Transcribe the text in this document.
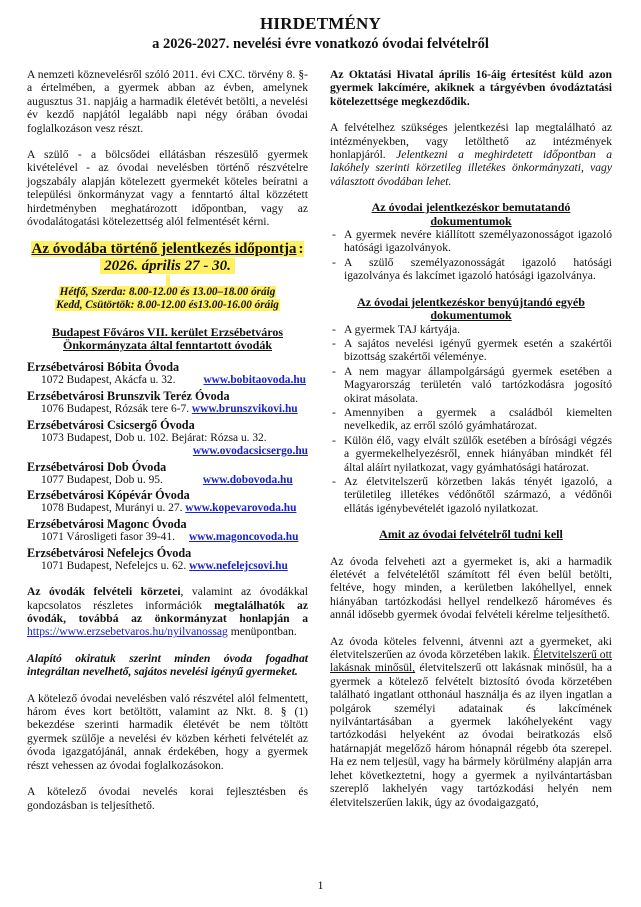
HIRDETMÉNY
a 2026-2027. nevelési évre vonatkozó óvodai felvételről

A nemzeti köznevelésről szóló 2011. évi CXC. törvény 8. §-a értelmében, a gyermek abban az évben, amelynek augusztus 31. napjáig a harmadik életévét betölti, a nevelési év kezdő napjától legalább napi négy órában óvodai foglalkozáson vesz részt.

A szülő - a bölcsődei ellátásban részesülő gyermek kivételével - az óvodai nevelésben történő részvételre jogszabály alapján kötelezett gyermekét köteles beíratni a települési önkormányzat vagy a fenntartó által közzétett hirdetményben meghatározott időpontban, vagy az óvodalátogatási kötelezettség alól felmentését kérni.

Az óvodába történő jelentkezés időpontja :
2026. április 27 - 30.
Hétfő, Szerda: 8.00-12.00 és 13.00–18.00 óráig
Kedd, Csütörtök: 8.00-12.00 és13.00-16.00 óráig
Budapest Főváros VII. kerület Erzsébetváros
Önkormányzata által fenntartott óvodák
Erzsébetvárosi Bóbita Óvoda
1072 Budapest, Akácfa u. 32. www.bobitaovoda.hu
Erzsébetvárosi Brunszvik Teréz Óvoda
1076 Budapest, Rózsák tere 6-7. www.brunszvikovi.hu
Erzsébetvárosi Csicsergő Óvoda
1073 Budapest, Dob u. 102. Bejárat: Rózsa u. 32.
www.ovodacsicsergo.hu
Erzsébetvárosi Dob Óvoda
1077 Budapest, Dob u. 95.	www.dobovoda.hu
Erzsébetvárosi Kópévár Óvoda
1078 Budapest, Murányi u. 27. www.kopevarovoda.hu
Erzsébetvárosi Magonc Óvoda
1071 Városligeti fasor 39-41. www.magoncovoda.hu
Erzsébetvárosi Nefelejcs Óvoda
1071 Budapest, Nefelejcs u. 62. www.nefelejcsovi.hu

Az óvodák felvételi körzetei, valamint az óvodákkal kapcsolatos részletes információk megtalálhatók az óvodák, továbbá az önkormányzat honlapján a https://www.erzsebetvaros.hu/nyilvanossag menüpontban.

Alapító okiratuk szerint minden óvoda fogadhat integráltan nevelhető, sajátos nevelési igényű gyermeket.

A kötelező óvodai nevelésben való részvétel alól felmentett, három éves kort betöltött, valamint az Nkt. 8. § (1) bekezdése szerinti harmadik életévét be nem töltött gyermek szülője a nevelési év közben kérheti felvételét az óvoda igazgatójánál, annak érdekében, hogy a gyermek részt vehessen az óvodai foglalkozásokon.

A kötelező óvodai nevelés korai fejlesztésben és gondozásban is teljesíthető.

Az Oktatási Hivatal április 16-áig értesítést küld azon gyermek lakcímére, akiknek a tárgyévben óvodáztatási kötelezettsége megkezdődik.

A felvételhez szükséges jelentkezési lap megtalálható az intézményekben, vagy letölthető az intézmények honlapjáról. Jelentkezni a meghirdetett időpontban a lakóhely szerinti körzetileg illetékes önkormányzati, vagy választott óvodában lehet.

Az óvodai jelentkezéskor bemutatandó dokumentumok
- A gyermek nevére kiállított személyazonosságot igazoló hatósági igazolványok.
- A szülő személyazonosságát igazoló hatósági igazolványa és lakcímet igazoló hatósági igazolványa.
Az óvodai jelentkezéskor benyújtandó egyéb
dokumentumok
- A gyermek TAJ kártyája.
- A sajátos nevelési igényű gyermek esetén a szakértői bizottság szakértői véleménye.
- A nem magyar állampolgárságú gyermek esetében a Magyarország területén való tartózkodásra jogosító okirat másolata.
- Amennyiben a gyermek a családból kiemelten nevelkedik, az erről szóló gyámhatározat.
- Külön élő, vagy elvált szülők esetében a bírósági végzés a gyermekelhelyezésről, ennek hiányában mindkét fél által aláírt nyilatkozat, vagy gyámhatósági határozat.
- Az életvitelszerű körzetben lakás tényét igazoló, a területileg illetékes védőnőtől származó, a védőnői ellátás igénybevételét igazoló nyilatkozat.
Amit az óvodai felvételről tudni kell

Az óvoda felveheti azt a gyermeket is, aki a harmadik életévét a felvételétől számított fél éven belül betölti, feltéve, hogy minden, a kerületben lakóhellyel, ennek hiányában tartózkodási hellyel rendelkező hároméves és annál idősebb gyermek óvodai felvételi kérelme teljesíthető.

Az óvoda köteles felvenni, átvenni azt a gyermeket, aki életvitelszerűen az óvoda körzetében lakik. Életvitelszerű ott lakásnak minősül, életvitelszerű ott lakásnak minősül, ha a gyermek a kötelező felvételt biztosító óvoda körzetében található ingatlant otthonául használja és az ilyen ingatlan a polgárok személyi adatainak és lakcímének nyilvántartásában a gyermek lakóhelyeként vagy tartózkodási helyeként az óvodai beiratkozás első határnapját megelőző három hónapnál régebb óta szerepel. Ha ez nem teljesül, vagy ha bármely körülmény alapján arra lehet következtetni, hogy a gyermek a nyilvántartásban szereplő lakhelyén vagy tartózkodási helyén nem életvitelszerűen lakik, úgy az óvodaigazgató,

1
